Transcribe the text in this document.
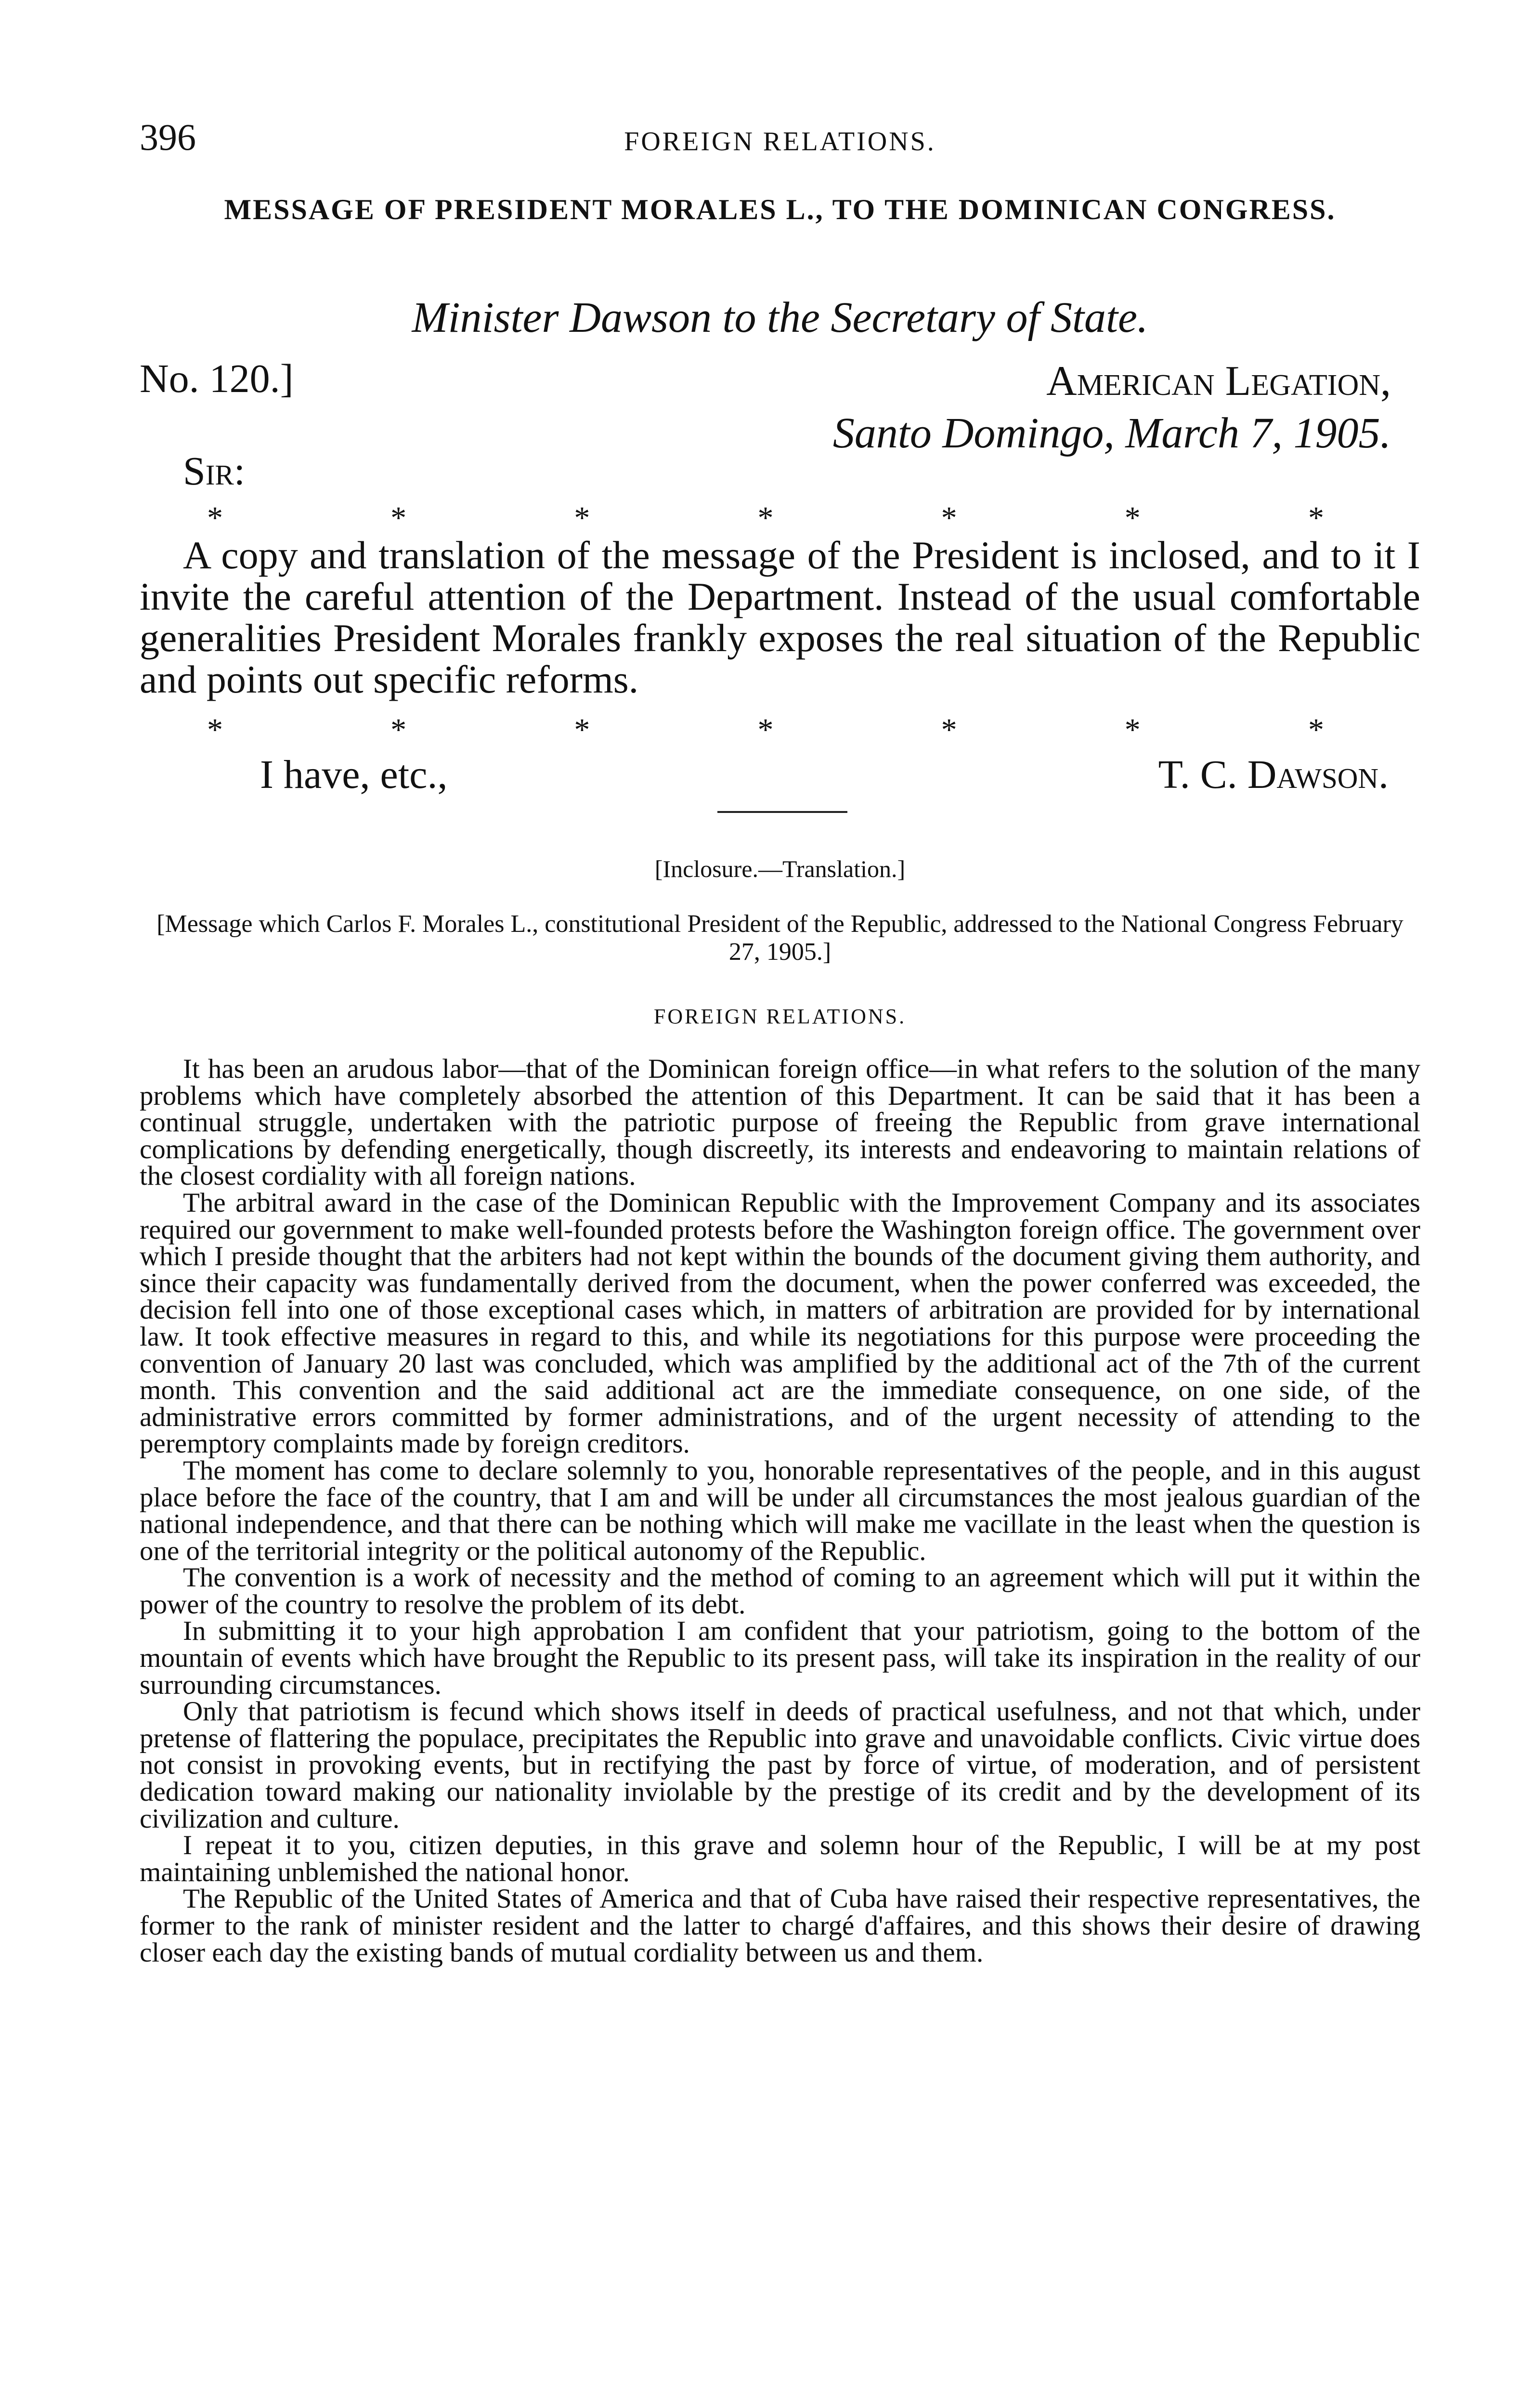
396	FOREIGN RELATIONS.
MESSAGE OF PRESIDENT MORALES L., TO THE DOMINICAN CONGRESS.
Minister Dawson to the Secretary of State.
No. 120.]	American Legation,
Santo Domingo, March 7, 1905.
Sir:
*	*	*	*	*	*	*

A copy and translation of the message of the President is inclosed, and to it I invite the careful attention of the Department. Instead of the usual comfortable generalities President Morales frankly exposes the real situation of the Republic and points out specific reforms.

*	*	*	*	*	*	*
I have, etc.,	T. C. Dawson.
[Inclosure.—Translation.]
[Message which Carlos F. Morales L., constitutional President of the Republic, addressed to the National Congress February 27, 1905.]
FOREIGN RELATIONS.

It has been an arudous labor—that of the Dominican foreign office—in what refers to the solution of the many problems which have completely absorbed the attention of this Department. It can be said that it has been a continual struggle, undertaken with the patriotic purpose of freeing the Republic from grave international complications by defending energetically, though discreetly, its interests and endeavoring to maintain relations of the closest cordiality with all foreign nations.

The arbitral award in the case of the Dominican Republic with the Improvement Company and its associates required our government to make well-founded protests before the Washington foreign office. The government over which I preside thought that the arbiters had not kept within the bounds of the document giving them authority, and since their capacity was fundamentally derived from the document, when the power conferred was exceeded, the decision fell into one of those exceptional cases which, in matters of arbitration are provided for by international law. It took effective measures in regard to this, and while its negotiations for this purpose were proceeding the convention of January 20 last was concluded, which was amplified by the additional act of the 7th of the current month. This convention and the said additional act are the immediate consequence, on one side, of the administrative errors committed by former administrations, and of the urgent necessity of attending to the peremptory complaints made by foreign creditors.

The moment has come to declare solemnly to you, honorable representatives of the people, and in this august place before the face of the country, that I am and will be under all circumstances the most jealous guardian of the national independence, and that there can be nothing which will make me vacillate in the least when the question is one of the territorial integrity or the political autonomy of the Republic.

The convention is a work of necessity and the method of coming to an agreement which will put it within the power of the country to resolve the problem of its debt.

In submitting it to your high approbation I am confident that your patriotism, going to the bottom of the mountain of events which have brought the Republic to its present pass, will take its inspiration in the reality of our surrounding circumstances.

Only that patriotism is fecund which shows itself in deeds of practical usefulness, and not that which, under pretense of flattering the populace, precipitates the Republic into grave and unavoidable conflicts. Civic virtue does not consist in provoking events, but in rectifying the past by force of virtue, of moderation, and of persistent dedication toward making our nationality inviolable by the prestige of its credit and by the development of its civilization and culture.

I repeat it to you, citizen deputies, in this grave and solemn hour of the Republic, I will be at my post maintaining unblemished the national honor.

The Republic of the United States of America and that of Cuba have raised their respective representatives, the former to the rank of minister resident and the latter to chargé d'affaires, and this shows their desire of drawing closer each day the existing bands of mutual cordiality between us and them.
